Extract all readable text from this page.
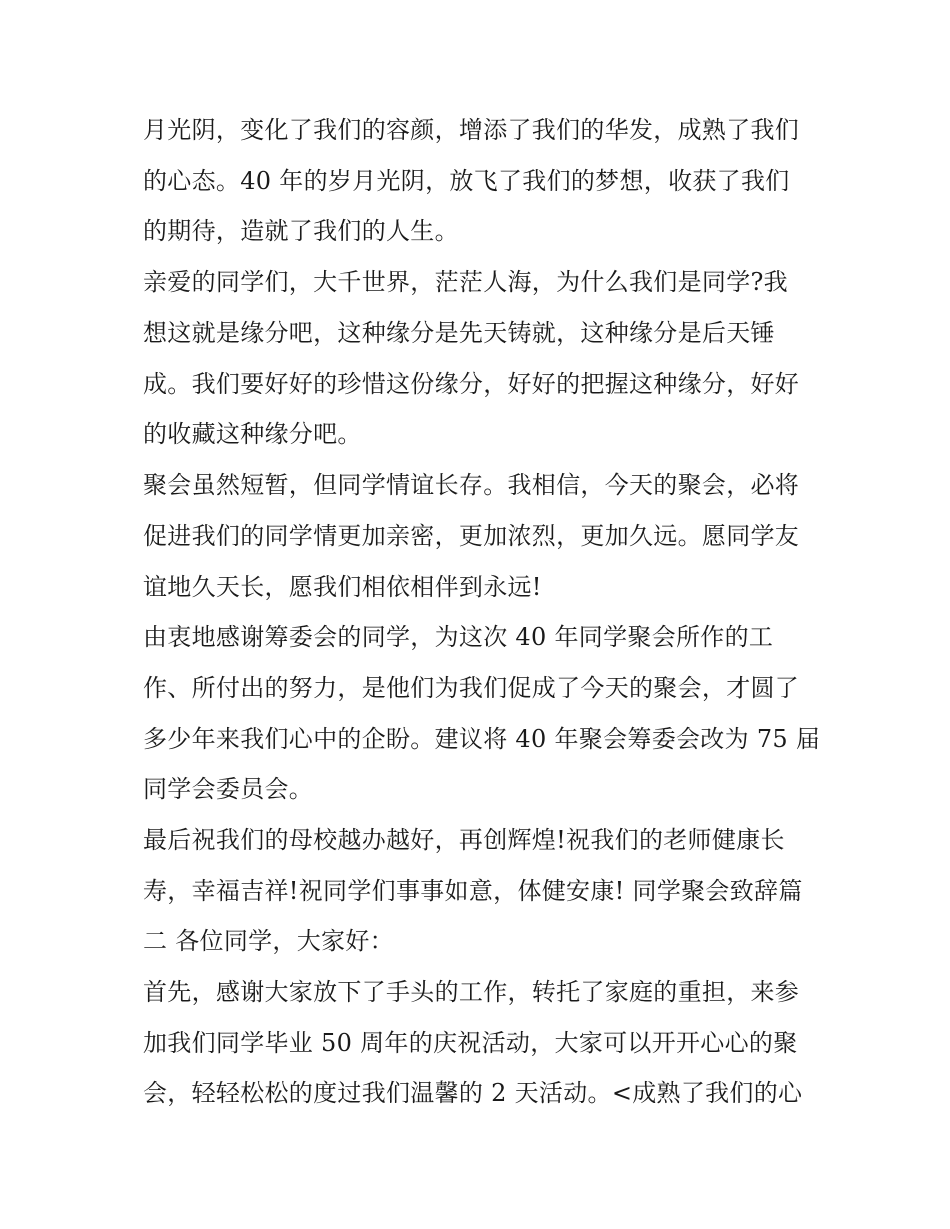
月光阴，变化了我们的容颜，增添了我们的华发，成熟了我们
的心态。40 年的岁月光阴，放飞了我们的梦想，收获了我们
的期待，造就了我们的人生。
亲爱的同学们，大千世界，茫茫人海，为什么我们是同学?我
想这就是缘分吧，这种缘分是先天铸就，这种缘分是后天锤
成。我们要好好的珍惜这份缘分，好好的把握这种缘分，好好
的收藏这种缘分吧。
聚会虽然短暂，但同学情谊长存。我相信，今天的聚会，必将
促进我们的同学情更加亲密，更加浓烈，更加久远。愿同学友
谊地久天长，愿我们相依相伴到永远!
由衷地感谢筹委会的同学，为这次 40 年同学聚会所作的工
作、所付出的努力，是他们为我们促成了今天的聚会，才圆了
多少年来我们心中的企盼。建议将 40 年聚会筹委会改为 75 届
同学会委员会。
最后祝我们的母校越办越好，再创辉煌!祝我们的老师健康长
寿，幸福吉祥!祝同学们事事如意，体健安康! 同学聚会致辞篇
二 各位同学，大家好：
首先，感谢大家放下了手头的工作，转托了家庭的重担，来参
加我们同学毕业 50 周年的庆祝活动，大家可以开开心心的聚
会，轻轻松松的度过我们温馨的 2 天活动。<成熟了我们的心
